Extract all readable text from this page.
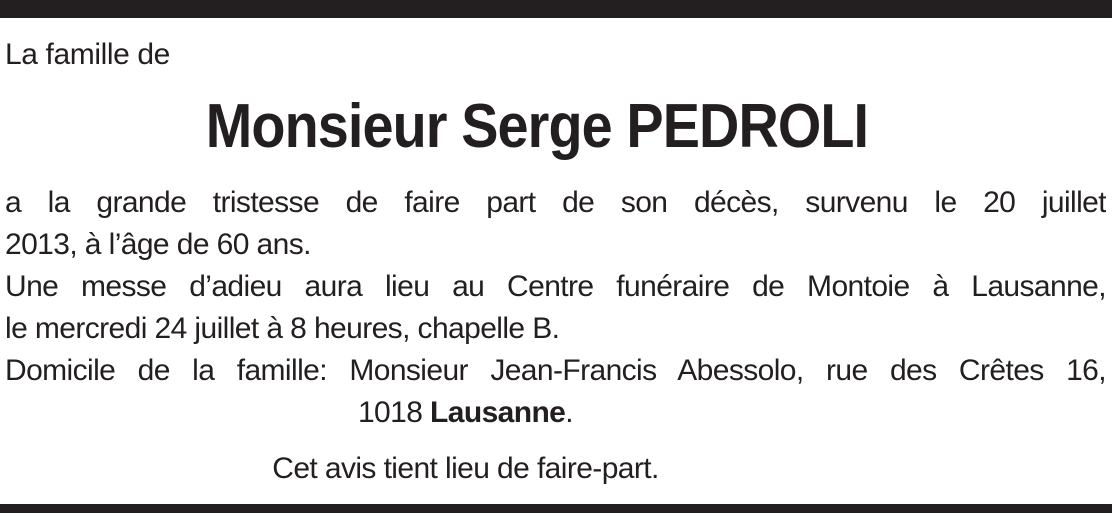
La famille de
Monsieur Serge PEDROLI
a la grande tristesse de faire part de son décès, survenu le 20 juillet
2013, à l’âge de 60 ans.
Une messe d’adieu aura lieu au Centre funéraire de Montoie à Lausanne,
le mercredi 24 juillet à 8 heures, chapelle B.
Domicile de la famille: Monsieur Jean-Francis Abessolo, rue des Crêtes 16,
1018 Lausanne.
Cet avis tient lieu de faire-part.
